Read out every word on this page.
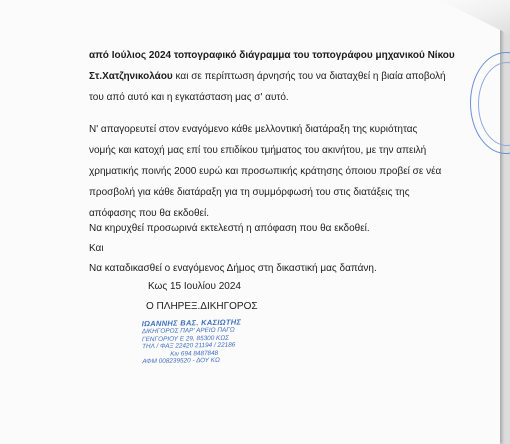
από Ιούλιος 2024 τοπογραφικό διάγραμμα του τοπογράφου μηχανικού Νίκου
Στ.Χατζηνικολάου και σε περίπτωση άρνησής του να διαταχθεί η βιαία αποβολή
του από αυτό και η εγκατάσταση μας σ' αυτό.
Ν' απαγορευτεί στον εναγόμενο κάθε μελλοντική διατάραξη της κυριότητας
νομής και κατοχή μας επί του επιδίκου τμήματος του ακινήτου, με την απειλή
χρηματικής ποινής 2000 ευρώ και προσωπικής κράτησης όποιου προβεί σε νέα
προσβολή για κάθε διατάραξη για τη συμμόρφωσή του στις διατάξεις της
απόφασης που θα εκδοθεί.
Να κηρυχθεί προσωρινά εκτελεστή η απόφαση που θα εκδοθεί.
Και
Να καταδικασθεί ο εναγόμενος Δήμος στη δικαστική μας δαπάνη.
Κως 15 Ιουλίου 2024
Ο ΠΛΗΡΕΞ.ΔΙΚΗΓΟΡΟΣ
ΙΩΑΝΝΗΣ ΒΑΣ. ΚΑΣΙΩΤΗΣ
ΔΙΚΗΓΟΡΟΣ ΠΑΡ' ΑΡΕΙΩ ΠΑΓΩ
ΓΕΝΓΟΡΙΟΥ Ε 29, 85300 ΚΩΣ
ΤΗΛ / ΦΑΞ 22420 21194 / 22186
Κιν 694 8487848
ΑΦΜ 008239520 - ΔΟΥ ΚΩ
